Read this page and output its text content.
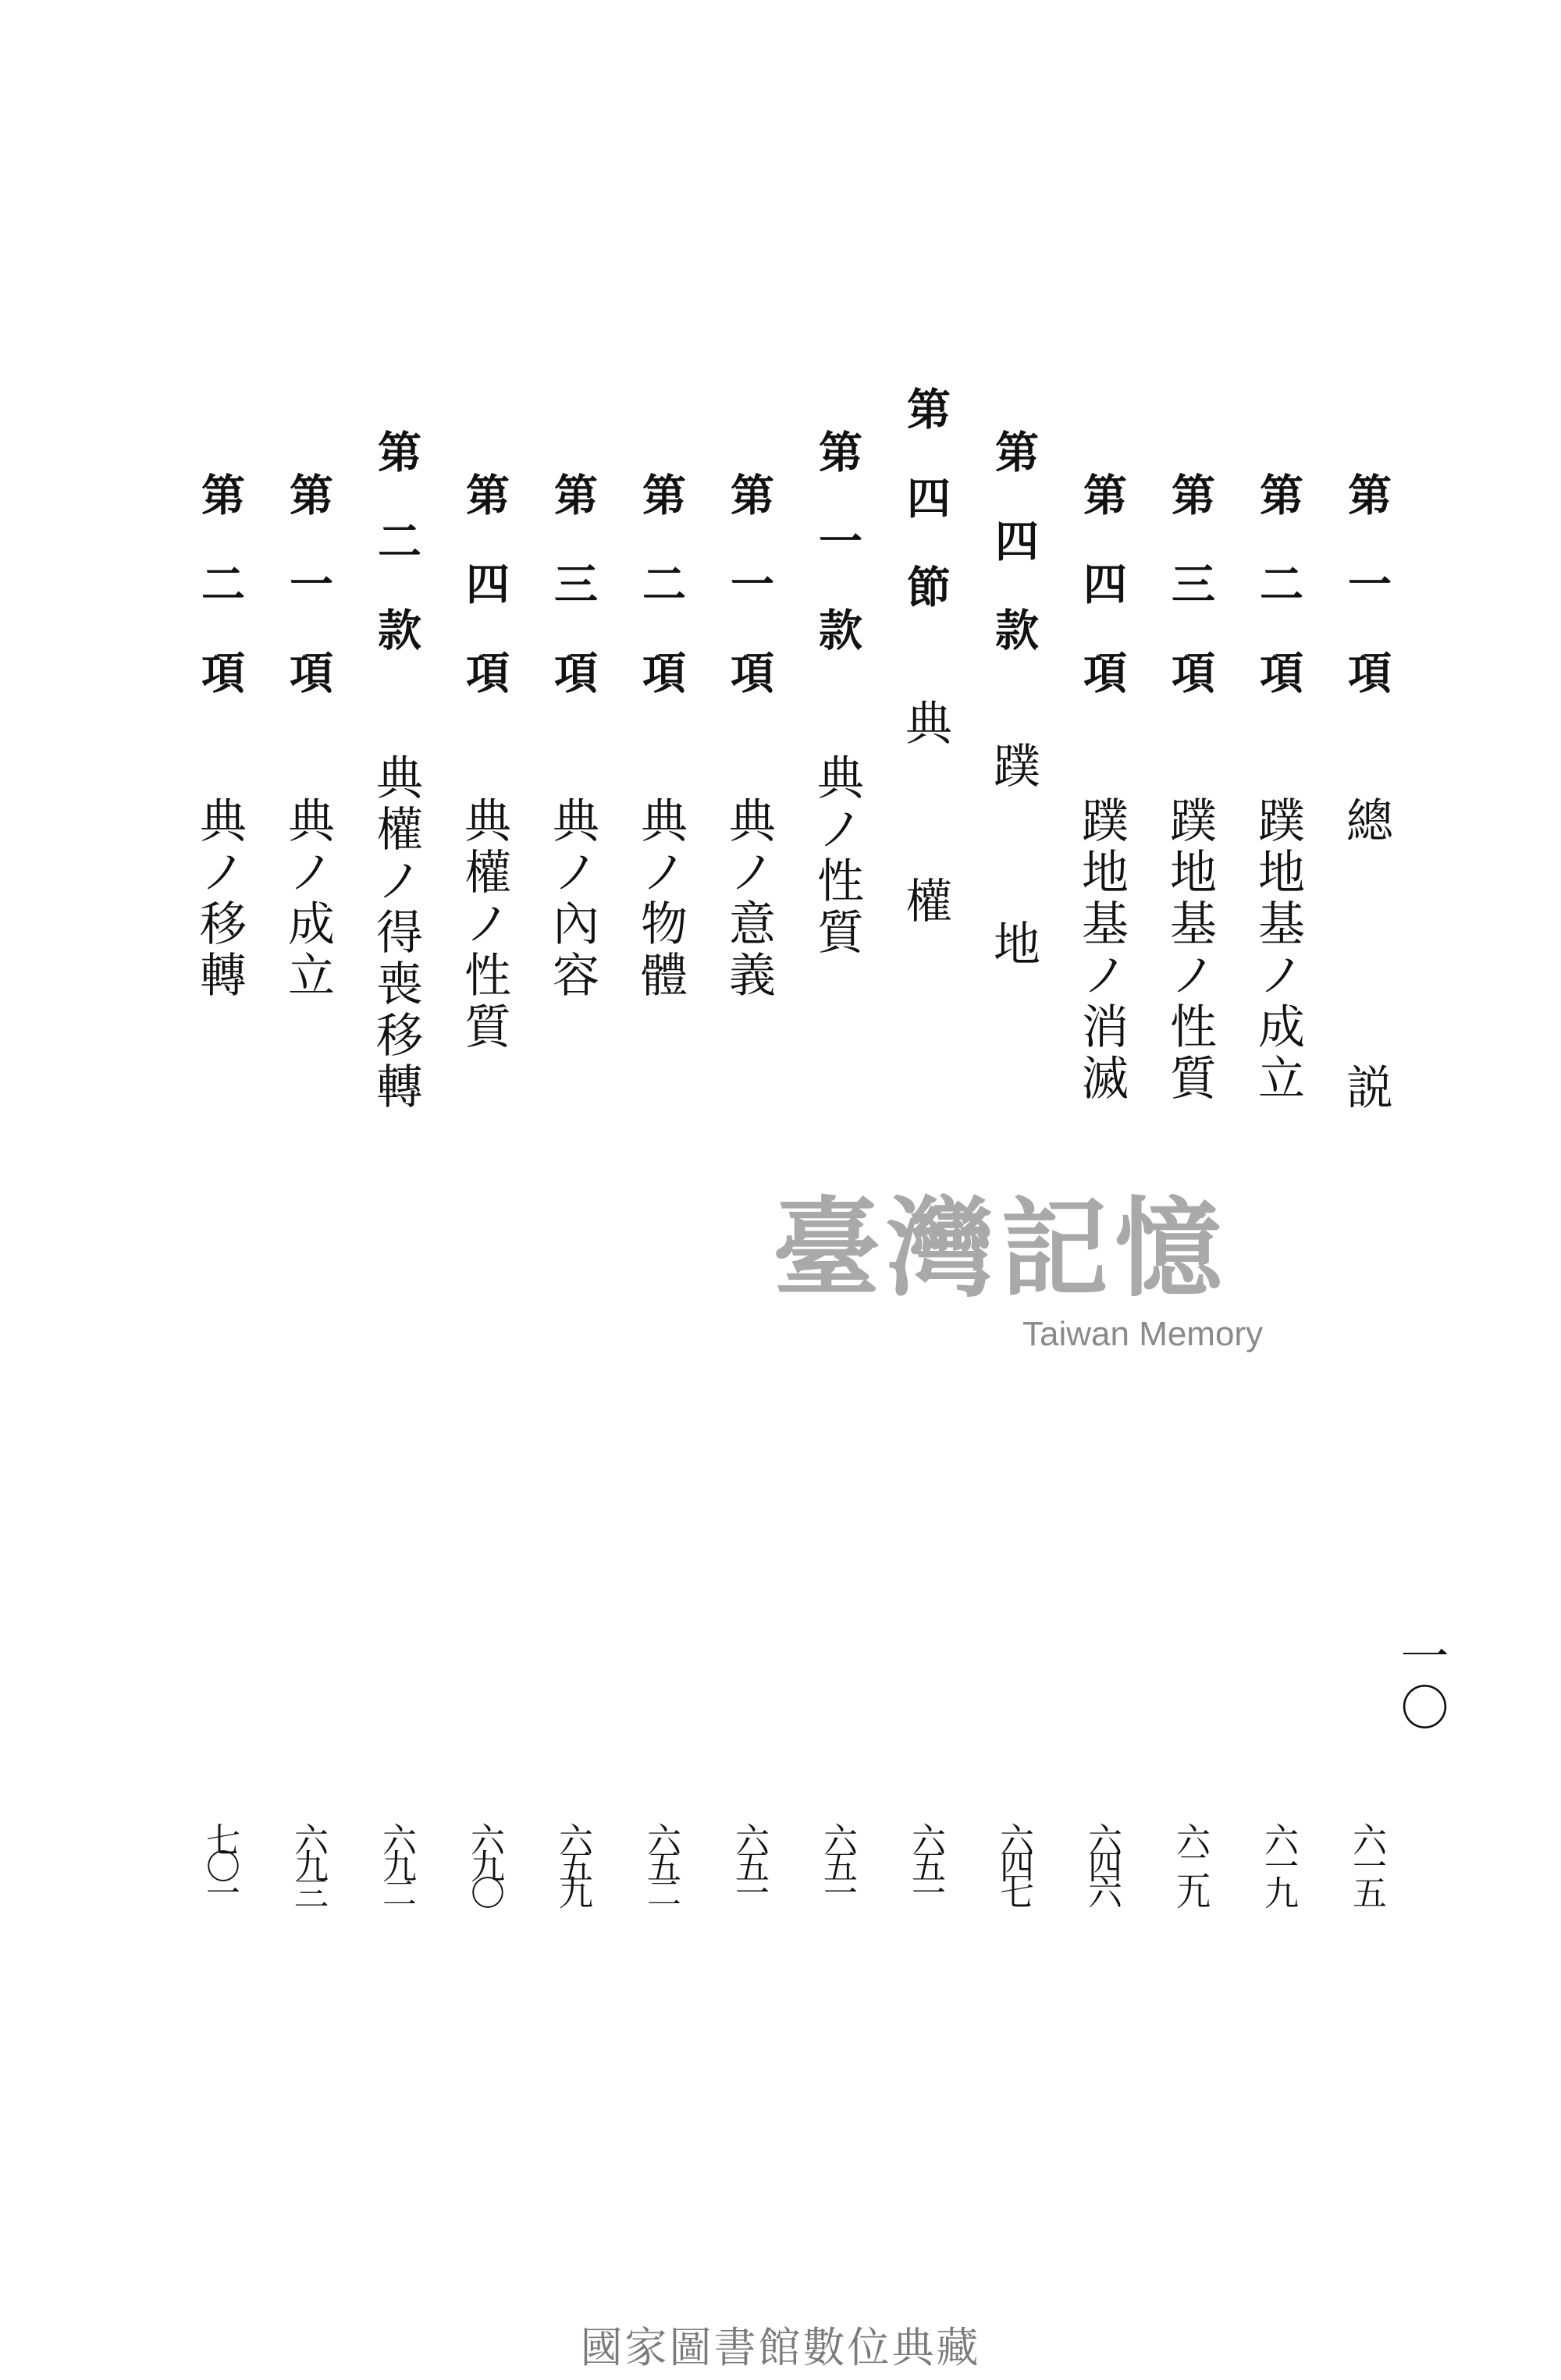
第一項
總　　説
六一五
第二項
蹼地基ノ成立
六一九
第三項
蹼地基ノ性質
六二九
第四項
蹼地基ノ消滅
六四六
第四款
蹼　地
六四七
第四節
典　權
六五一
第一款
典ノ性質
六五一
第一項
典ノ意義
六五一
第二項
典ノ物體
六五二
第三項
典ノ內容
六五九
第四項
典權ノ性質
六九〇
第二款
典權ノ得喪移轉
六九二
第一項
典ノ成立
六九三
第二項
典ノ移轉
七〇一
一〇
臺灣記憶
Taiwan Memory
國家圖書館數位典藏
